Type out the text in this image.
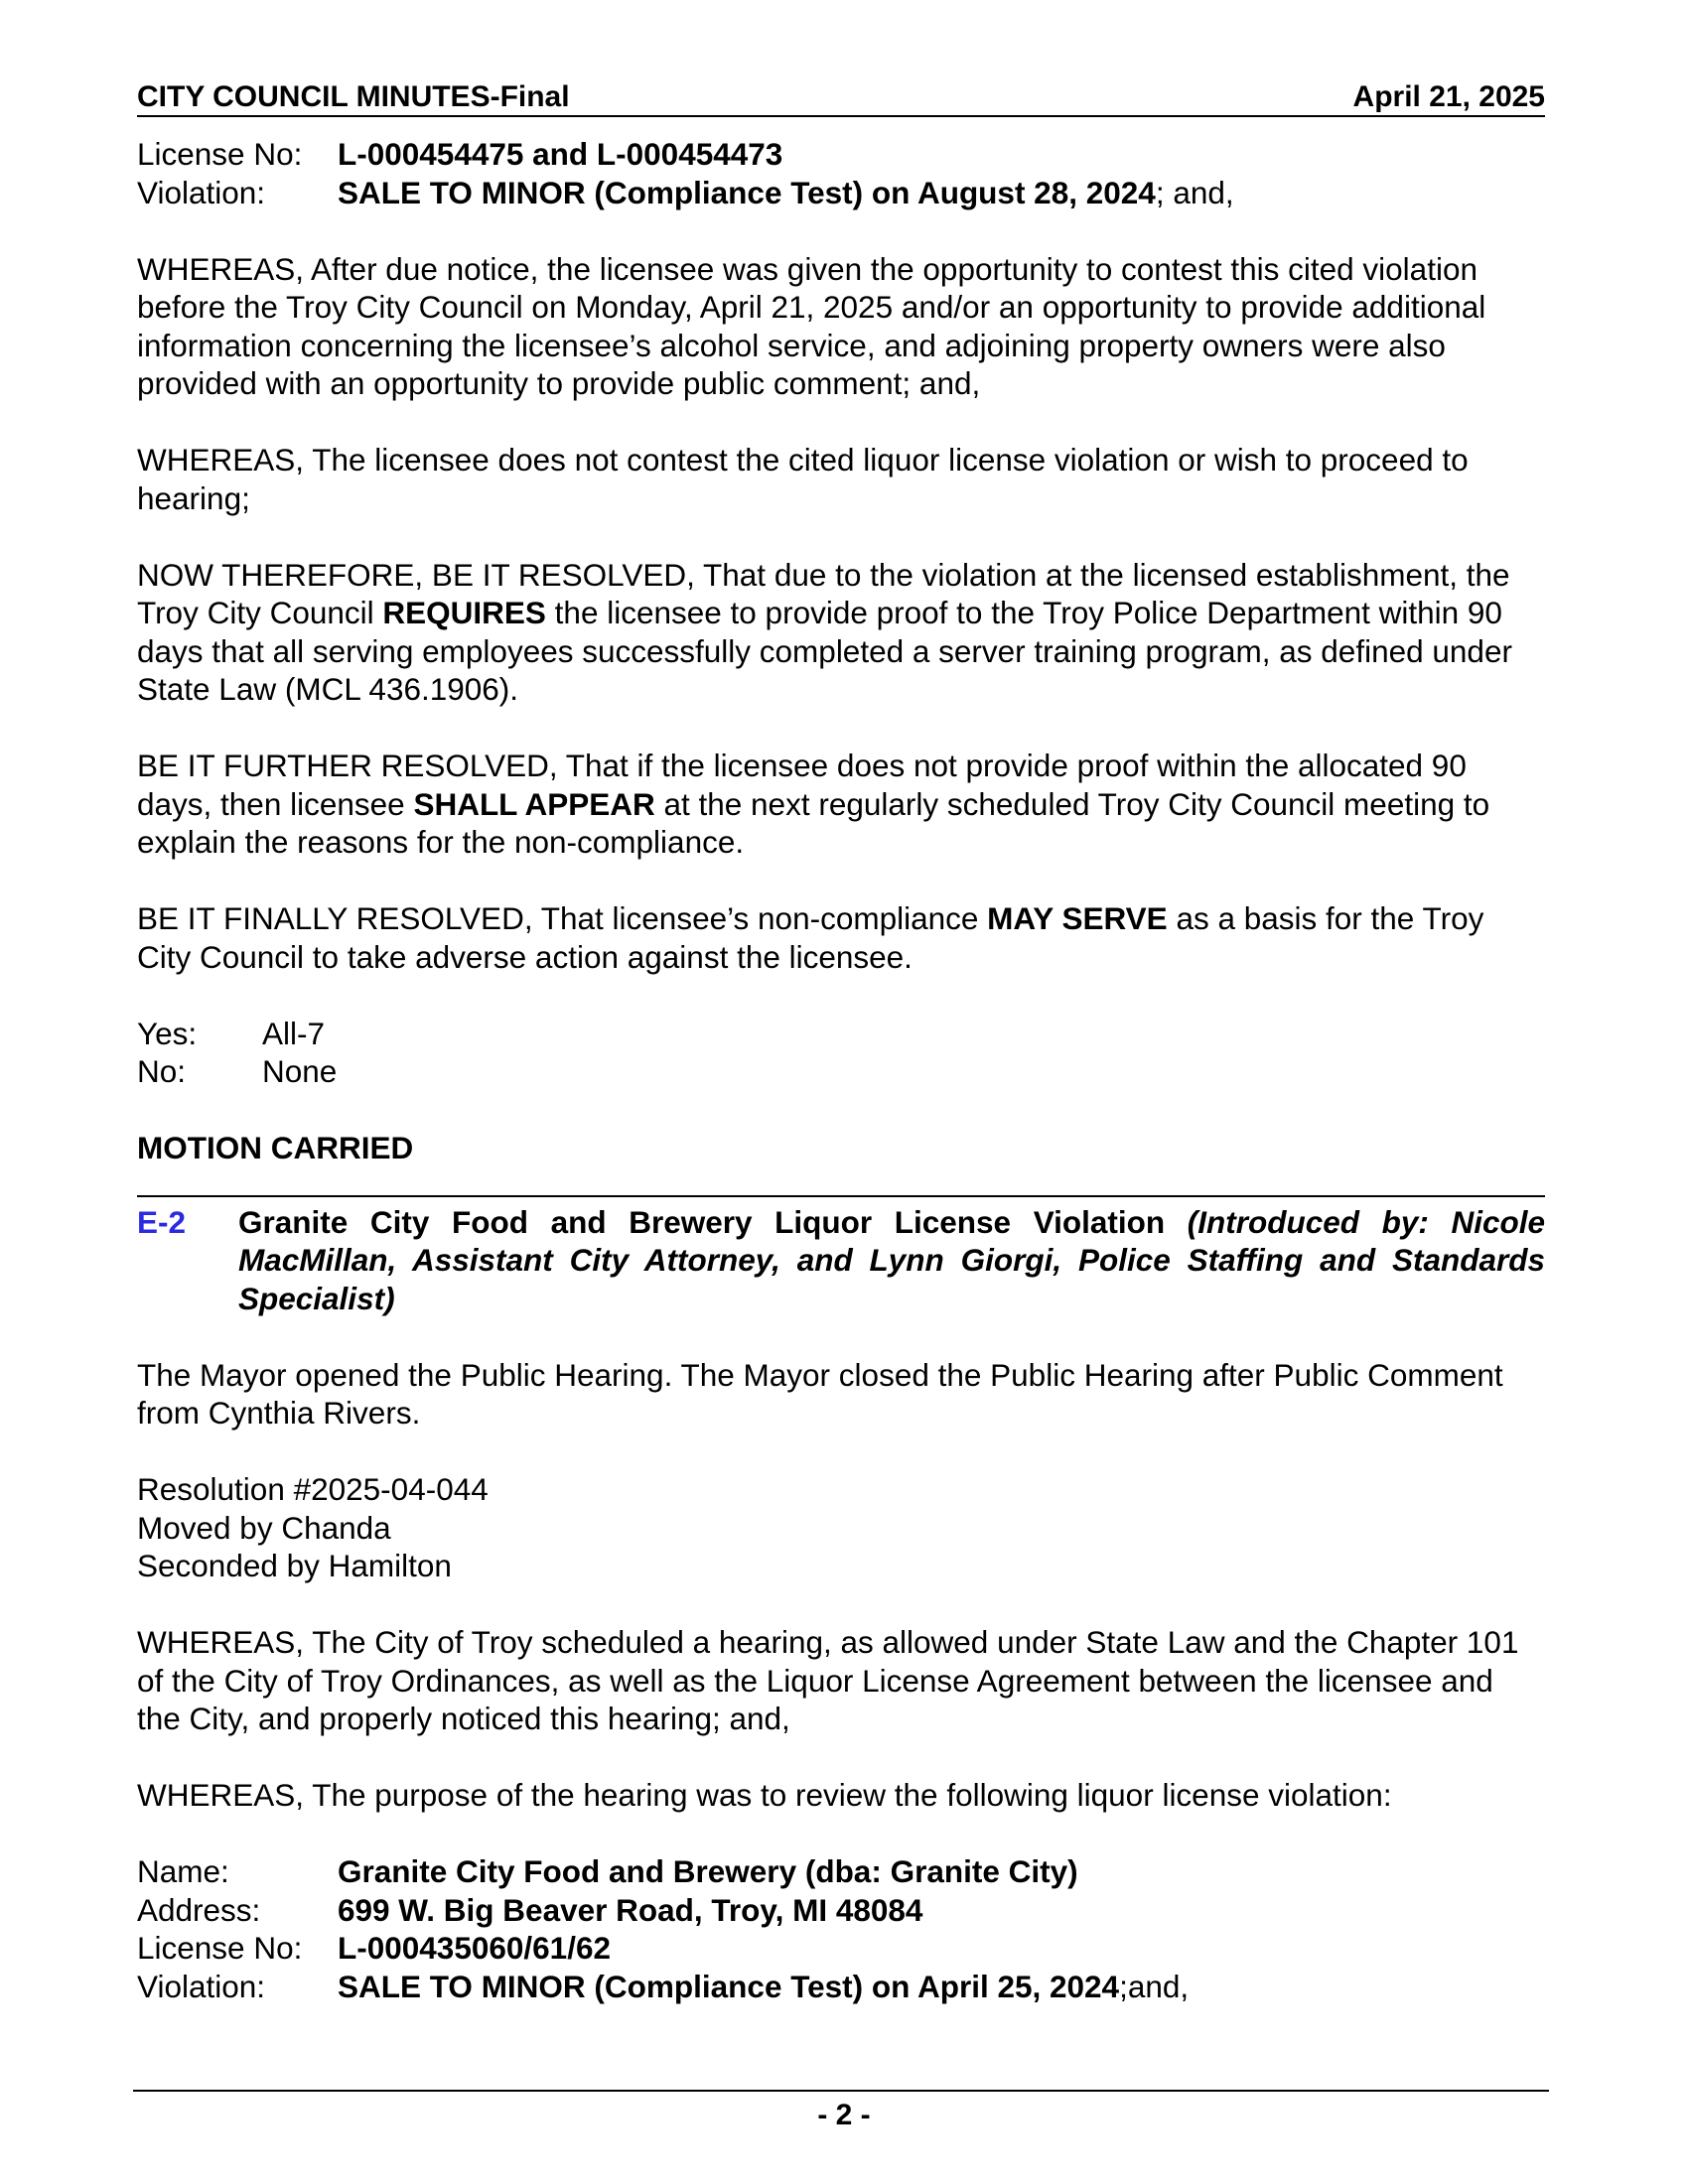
CITY COUNCIL MINUTES-Final	April 21, 2025
License No:	L-000454475 and L-000454473
Violation:	SALE TO MINOR (Compliance Test) on August 28, 2024; and,

WHEREAS, After due notice, the licensee was given the opportunity to contest this cited violation before the Troy City Council on Monday, April 21, 2025 and/or an opportunity to provide additional information concerning the licensee’s alcohol service, and adjoining property owners were also provided with an opportunity to provide public comment; and,

WHEREAS, The licensee does not contest the cited liquor license violation or wish to proceed to hearing;

NOW THEREFORE, BE IT RESOLVED, That due to the violation at the licensed establishment, the Troy City Council REQUIRES the licensee to provide proof to the Troy Police Department within 90 days that all serving employees successfully completed a server training program, as defined under State Law (MCL 436.1906).

BE IT FURTHER RESOLVED, That if the licensee does not provide proof within the allocated 90 days, then licensee SHALL APPEAR at the next regularly scheduled Troy City Council meeting to explain the reasons for the non-compliance.

BE IT FINALLY RESOLVED, That licensee’s non-compliance MAY SERVE as a basis for the Troy City Council to take adverse action against the licensee.

Yes:	All-7
No:	None
MOTION CARRIED
E-2 Granite City Food and Brewery Liquor License Violation (Introduced by: Nicole MacMillan, Assistant City Attorney, and Lynn Giorgi, Police Staffing and Standards Specialist)

The Mayor opened the Public Hearing. The Mayor closed the Public Hearing after Public Comment from Cynthia Rivers.

Resolution #2025-04-044
Moved by Chanda
Seconded by Hamilton

WHEREAS, The City of Troy scheduled a hearing, as allowed under State Law and the Chapter 101 of the City of Troy Ordinances, as well as the Liquor License Agreement between the licensee and the City, and properly noticed this hearing; and,

WHEREAS, The purpose of the hearing was to review the following liquor license violation:

Name:	Granite City Food and Brewery (dba: Granite City)
Address:	699 W. Big Beaver Road, Troy, MI 48084
License No:	L-000435060/61/62
Violation:	SALE TO MINOR (Compliance Test) on April 25, 2024;and,
- 2 -
